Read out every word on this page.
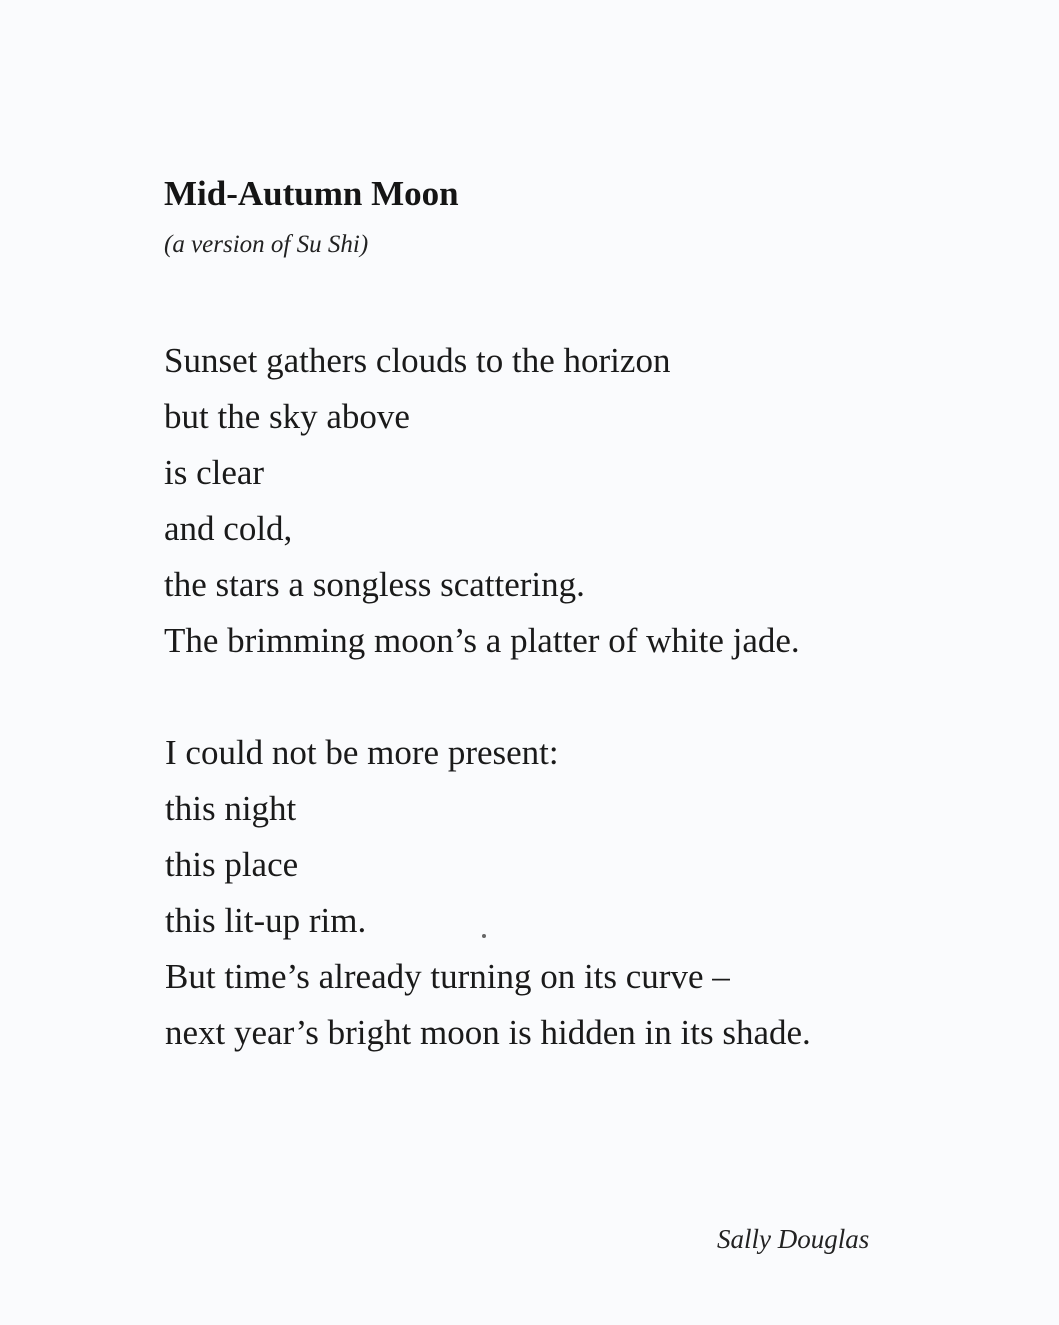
Mid-Autumn Moon

(a version of Su Shi)

Sunset gathers clouds to the horizon
but the sky above
is clear
and cold,
the stars a songless scattering.
The brimming moon’s a platter of white jade.
I could not be more present:
this night
this place
this lit-up rim.
But time’s already turning on its curve –
next year’s bright moon is hidden in its shade.

Sally Douglas
